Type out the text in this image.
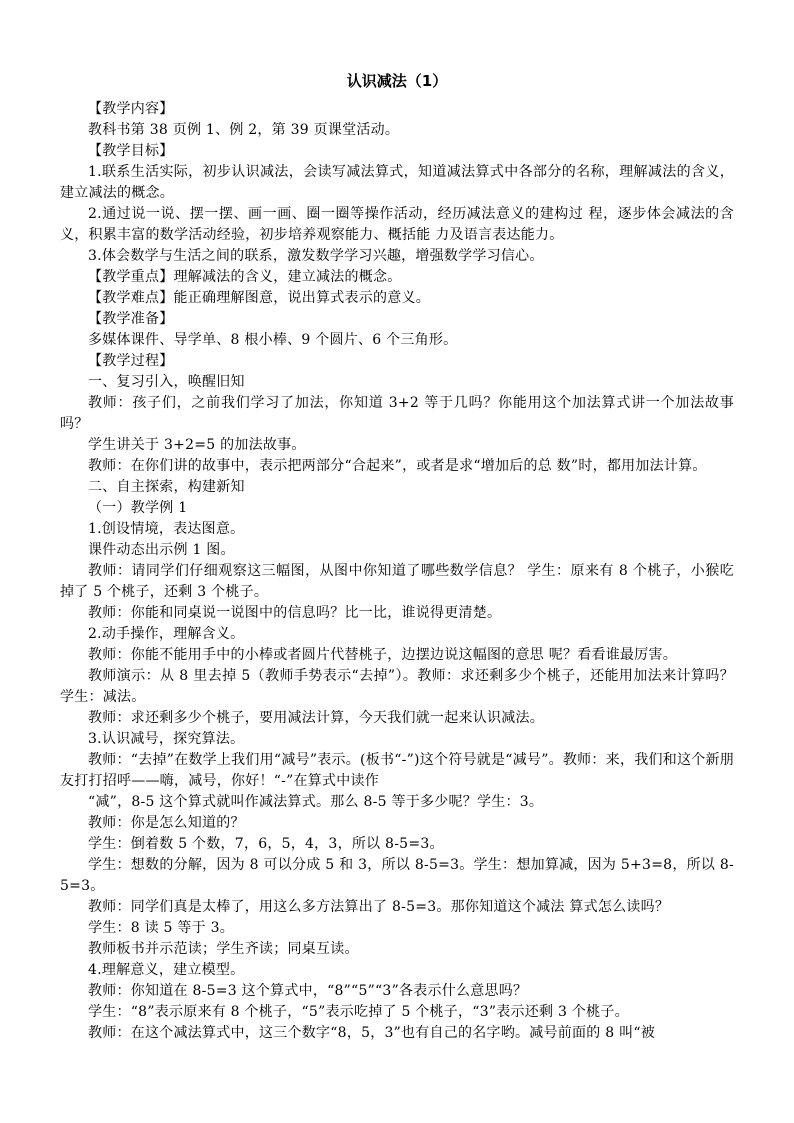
认识减法（1）

【教学内容】

教科书第 38 页例 1、例 2，第 39 页课堂活动。

【教学目标】

1.联系生活实际，初步认识减法，会读写减法算式，知道减法算式中各部分的名称，理解减法的含义，建立减法的概念。

2.通过说一说、摆一摆、画一画、圈一圈等操作活动，经历减法意义的建构过 程，逐步体会减法的含义，积累丰富的数学活动经验，初步培养观察能力、概括能 力及语言表达能力。

3.体会数学与生活之间的联系，激发数学学习兴趣，增强数学学习信心。

【教学重点】理解减法的含义，建立减法的概念。

【教学难点】能正确理解图意，说出算式表示的意义。

【教学准备】

多媒体课件、导学单、8 根小棒、9 个圆片、6 个三角形。

【教学过程】

一、复习引入，唤醒旧知

教师：孩子们，之前我们学习了加法，你知道 3+2 等于几吗？你能用这个加法算式讲一个加法故事吗？

学生讲关于 3+2=5 的加法故事。

教师：在你们讲的故事中，表示把两部分“合起来”，或者是求“增加后的总 数”时，都用加法计算。

二、自主探索，构建新知

（一）教学例 1

1.创设情境，表达图意。

课件动态出示例 1 图。

教师：请同学们仔细观察这三幅图，从图中你知道了哪些数学信息？ 学生：原来有 8 个桃子，小猴吃掉了 5 个桃子，还剩 3 个桃子。

教师：你能和同桌说一说图中的信息吗？比一比，谁说得更清楚。

2.动手操作，理解含义。

教师：你能不能用手中的小棒或者圆片代替桃子，边摆边说这幅图的意思 呢？看看谁最厉害。

教师演示：从 8 里去掉 5（教师手势表示“去掉”）。教师：求还剩多少个桃子，还能用加法来计算吗？ 学生：减法。

教师：求还剩多少个桃子，要用减法计算，今天我们就一起来认识减法。

3.认识减号，探究算法。

教师：“去掉”在数学上我们用“减号”表示。(板书“-”)这个符号就是“减号”。教师：来，我们和这个新朋友打打招呼——嗨，减号，你好！“-”在算式中读作

“减”，8-5 这个算式就叫作减法算式。那么 8-5 等于多少呢？学生：3。

教师：你是怎么知道的？

学生：倒着数 5 个数，7，6，5，4，3，所以 8-5=3。

学生：想数的分解，因为 8 可以分成 5 和 3，所以 8-5=3。学生：想加算减，因为 5+3=8，所以 8-5=3。

教师：同学们真是太棒了，用这么多方法算出了 8-5=3。那你知道这个减法 算式怎么读吗？

学生：8 读 5 等于 3。

教师板书并示范读；学生齐读；同桌互读。

4.理解意义，建立模型。

教师：你知道在 8-5=3 这个算式中，“8”“5”“3”各表示什么意思吗？

学生：“8”表示原来有 8 个桃子，“5”表示吃掉了 5 个桃子，“3”表示还剩 3 个桃子。

教师：在这个减法算式中，这三个数字“8，5，3”也有自己的名字哟。减号前面的 8 叫“被
